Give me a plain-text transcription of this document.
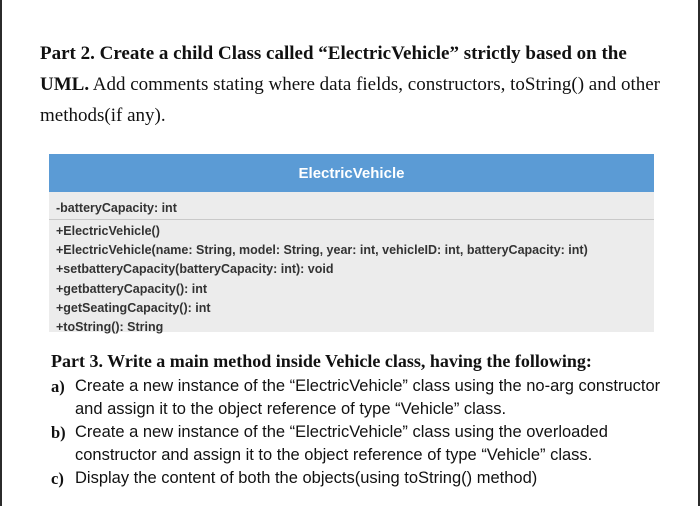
Part 2. Create a child Class called “ElectricVehicle” strictly based on the UML. Add comments stating where data fields, constructors, toString() and other methods(if any).
ElectricVehicle
-batteryCapacity: int
+ElectricVehicle()
+ElectricVehicle(name: String, model: String, year: int, vehicleID: int, batteryCapacity: int)
+setbatteryCapacity(batteryCapacity: int): void
+getbatteryCapacity(): int
+getSeatingCapacity(): int
+toString(): String
Part 3. Write a main method inside Vehicle class, having the following:
a) Create a new instance of the “ElectricVehicle” class using the no-arg constructor and assign it to the object reference of type “Vehicle” class.
b) Create a new instance of the “ElectricVehicle” class using the overloaded constructor and assign it to the object reference of type “Vehicle” class.
c) Display the content of both the objects(using toString() method)
